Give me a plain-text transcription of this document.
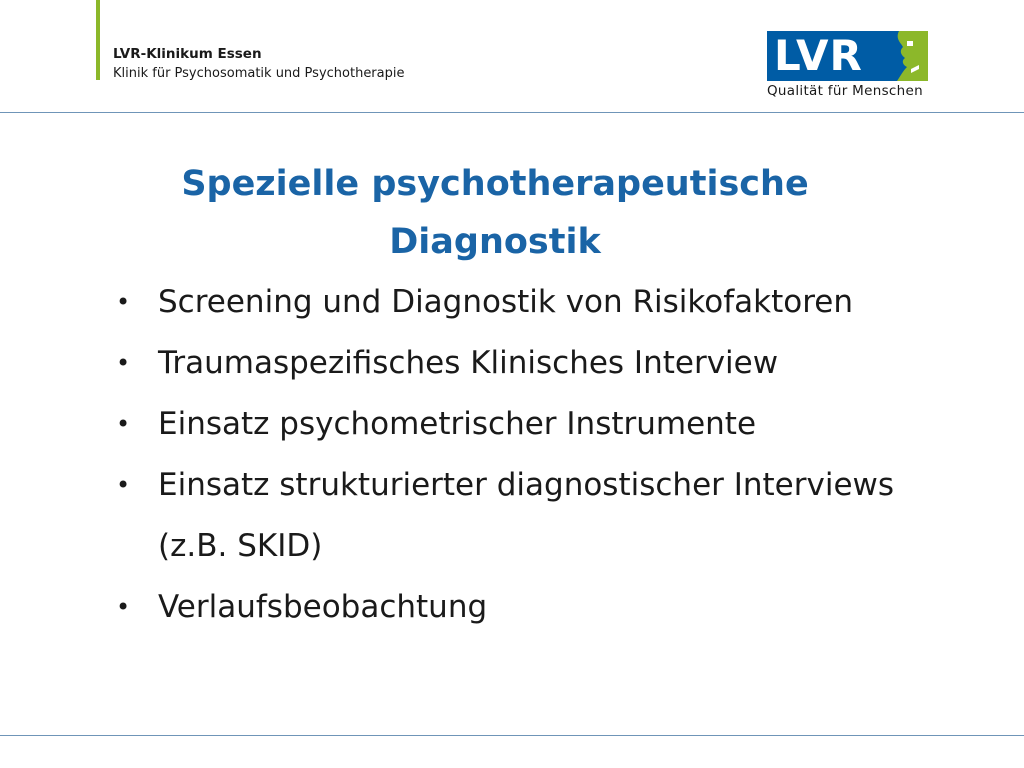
LVR-Klinikum Essen
Klinik für Psychosomatik und Psychotherapie	LVR
Qualität für Menschen
Spezielle psychotherapeutische
Diagnostik
• Screening und Diagnostik von Risikofaktoren
• Traumaspezifisches Klinisches Interview
• Einsatz psychometrischer Instrumente
• Einsatz strukturierter diagnostischer Interviews
(z.B. SKID)
• Verlaufsbeobachtung
